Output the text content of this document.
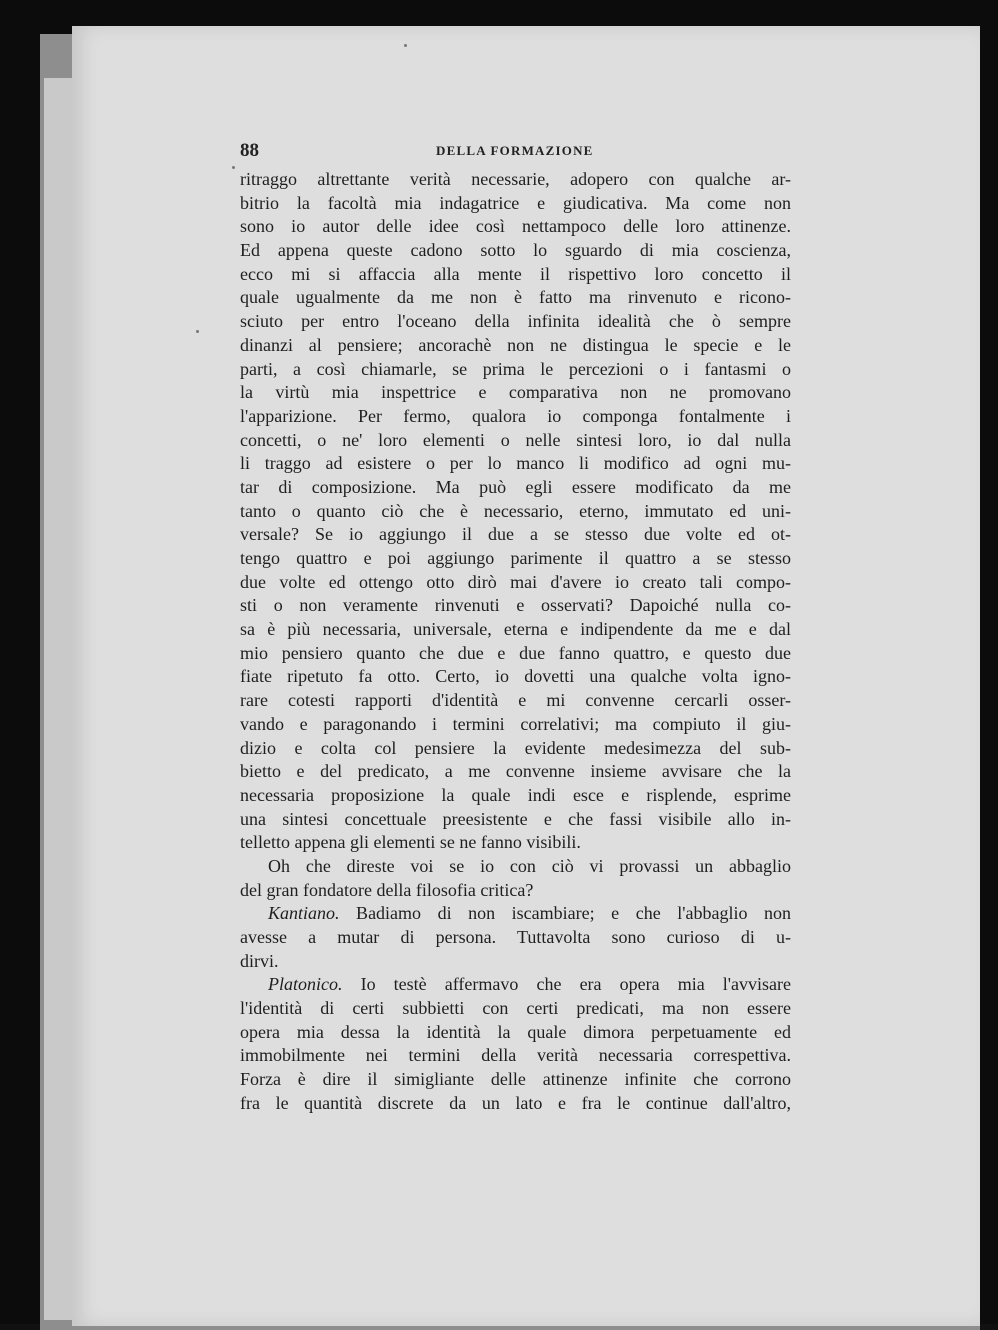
88	DELLA FORMAZIONE
ritraggo altrettante verità necessarie, adopero con qualche ar-
bitrio la facoltà mia indagatrice e giudicativa. Ma come non
sono io autor delle idee così nettampoco delle loro attinenze.
Ed appena queste cadono sotto lo sguardo di mia coscienza,
ecco mi si affaccia alla mente il rispettivo loro concetto il
quale ugualmente da me non è fatto ma rinvenuto e ricono-
sciuto per entro l'oceano della infinita idealità che ò sempre
dinanzi al pensiere; ancorachè non ne distingua le specie e le
parti, a così chiamarle, se prima le percezioni o i fantasmi o
la virtù mia inspettrice e comparativa non ne promovano
l'apparizione. Per fermo, qualora io componga fontalmente i
concetti, o ne' loro elementi o nelle sintesi loro, io dal nulla
li traggo ad esistere o per lo manco li modifico ad ogni mu-
tar di composizione. Ma può egli essere modificato da me
tanto o quanto ciò che è necessario, eterno, immutato ed uni-
versale? Se io aggiungo il due a se stesso due volte ed ot-
tengo quattro e poi aggiungo parimente il quattro a se stesso
due volte ed ottengo otto dirò mai d'avere io creato tali compo-
sti o non veramente rinvenuti e osservati? Dapoiché nulla co-
sa è più necessaria, universale, eterna e indipendente da me e dal
mio pensiero quanto che due e due fanno quattro, e questo due
fiate ripetuto fa otto. Certo, io dovetti una qualche volta igno-
rare cotesti rapporti d'identità e mi convenne cercarli osser-
vando e paragonando i termini correlativi; ma compiuto il giu-
dizio e colta col pensiere la evidente medesimezza del sub-
bietto e del predicato, a me convenne insieme avvisare che la
necessaria proposizione la quale indi esce e risplende, esprime
una sintesi concettuale preesistente e che fassi visibile allo in-
telletto appena gli elementi se ne fanno visibili.
Oh che direste voi se io con ciò vi provassi un abbaglio
del gran fondatore della filosofia critica?
Kantiano. Badiamo di non iscambiare; e che l'abbaglio non
avesse a mutar di persona. Tuttavolta sono curioso di u-
dirvi.
Platonico. Io testè affermavo che era opera mia l'avvisare
l'identità di certi subbietti con certi predicati, ma non essere
opera mia dessa la identità la quale dimora perpetuamente ed
immobilmente nei termini della verità necessaria correspettiva.
Forza è dire il simigliante delle attinenze infinite che corrono
fra le quantità discrete da un lato e fra le continue dall'altro,
